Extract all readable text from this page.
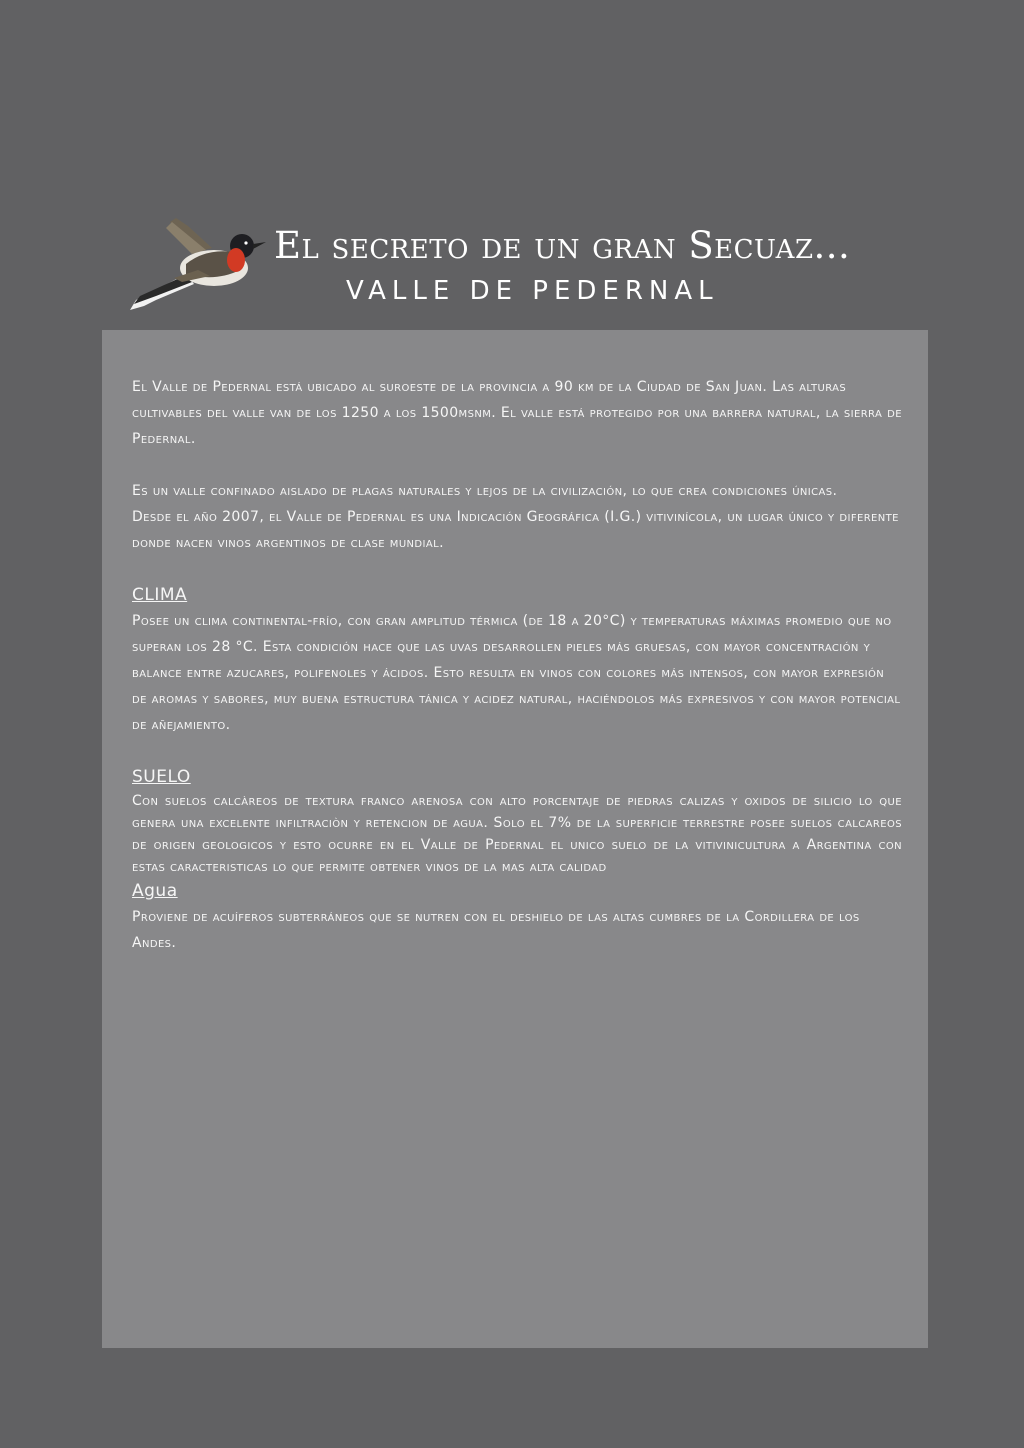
El secreto de un gran Secuaz...
VALLE DE PEDERNAL

El Valle de Pedernal está ubicado al suroeste de la provincia a 90 km de la Ciudad de San Juan. Las alturas cultivables del valle van de los 1250 a los 1500msnm. El valle está protegido por una barrera natural, la sierra de Pedernal.

Es un valle confinado aislado de plagas naturales y lejos de la civilización, lo que crea condiciones únicas.

Desde el año 2007, el Valle de Pedernal es una Indicación Geográfica (I.G.) vitivinícola, un lugar único y diferente donde nacen vinos argentinos de clase mundial.

CLIMA

Posee un clima continental-frío, con gran amplitud térmica (de 18 a 20°C) y temperaturas máximas promedio que no superan los 28 °C. Esta condición hace que las uvas desarrollen pieles más gruesas, con mayor concentración y balance entre azucares, polifenoles y ácidos. Esto resulta en vinos con colores más intensos, con mayor expresión de aromas y sabores, muy buena estructura tánica y acidez natural, haciéndolos más expresivos y con mayor potencial de añejamiento.

SUELO

Con suelos calcàreos de textura franco arenosa con alto porcentaje de piedras calizas y oxidos de silicio lo que genera una excelente infiltraciòn y retencion de agua. Solo el 7% de la superficie terrestre posee suelos calcareos de origen geologicos y esto ocurre en el Valle de Pedernal el unico suelo de la vitivinicultura a Argentina con estas caracteristicas lo que permite obtener vinos de la mas alta calidad

Agua

Proviene de acuíferos subterráneos que se nutren con el deshielo de las altas cumbres de la Cordillera de los Andes.
